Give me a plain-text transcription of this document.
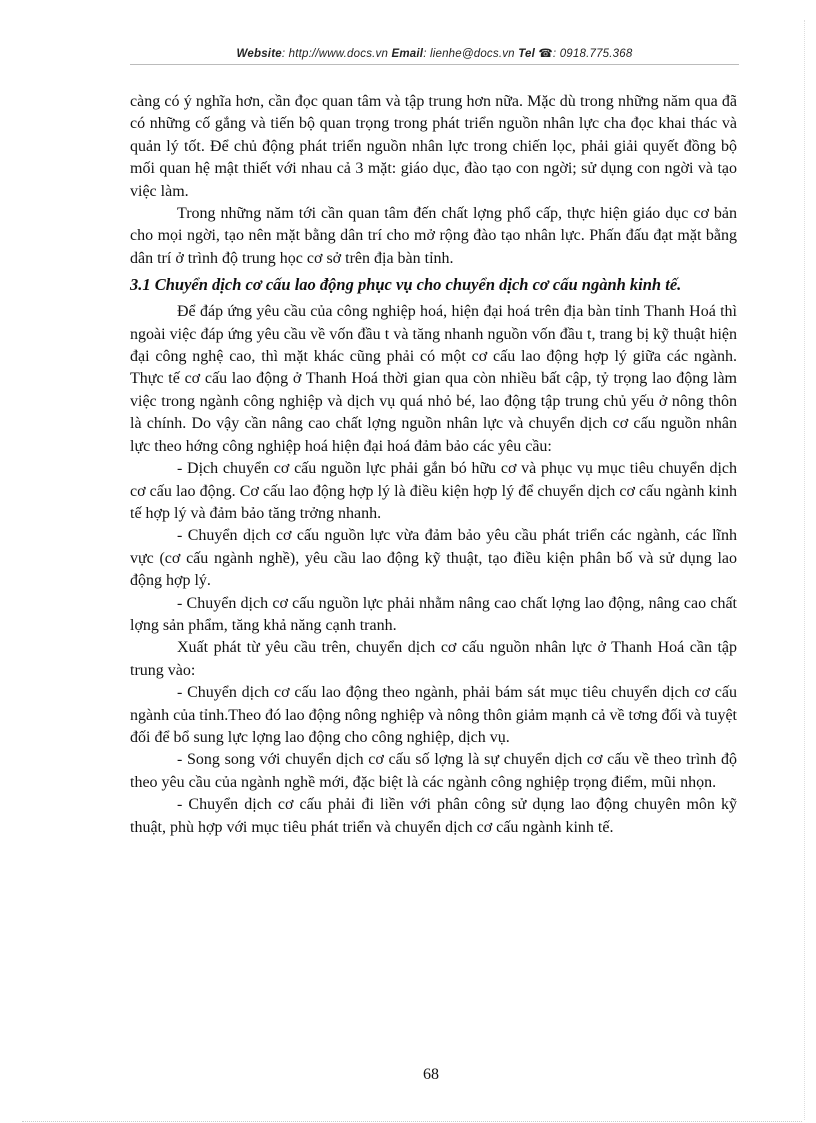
Website: http://www.docs.vn Email: lienhe@docs.vn Tel ☎: 0918.775.368

càng có ý nghĩa hơn, cần đọc quan tâm và tập trung hơn nữa. Mặc dù trong những năm qua đã có những cố gắng và tiến bộ quan trọng trong phát triển nguồn nhân lực cha đọc khai thác và quản lý tốt. Để chủ động phát triển nguồn nhân lực trong chiến lọc, phải giải quyết đồng bộ mối quan hệ mật thiết với nhau cả 3 mặt: giáo dục, đào tạo con ngời; sử dụng con ngời và tạo việc làm.

Trong những năm tới cần quan tâm đến chất lợng phổ cấp, thực hiện giáo dục cơ bản cho mọi ngời, tạo nên mặt bằng dân trí cho mở rộng đào tạo nhân lực. Phấn đấu đạt mặt bằng dân trí ở trình độ trung học cơ sở trên địa bàn tỉnh.

3.1 Chuyển dịch cơ cấu lao động phục vụ cho chuyển dịch cơ cấu ngành kinh tế.

Để đáp ứng yêu cầu của công nghiệp hoá, hiện đại hoá trên địa bàn tỉnh Thanh Hoá thì ngoài việc đáp ứng yêu cầu về vốn đầu t và tăng nhanh nguồn vốn đầu t, trang bị kỹ thuật hiện đại công nghệ cao, thì mặt khác cũng phải có một cơ cấu lao động hợp lý giữa các ngành. Thực tế cơ cấu lao động ở Thanh Hoá thời gian qua còn nhiều bất cập, tỷ trọng lao động làm việc trong ngành công nghiệp và dịch vụ quá nhỏ bé, lao động tập trung chủ yếu ở nông thôn là chính. Do vậy cần nâng cao chất lợng nguồn nhân lực và chuyển dịch cơ cấu nguồn nhân lực theo hớng công nghiệp hoá hiện đại hoá đảm bảo các yêu cầu:

- Dịch chuyển cơ cấu nguồn lực phải gắn bó hữu cơ và phục vụ mục tiêu chuyển dịch cơ cấu lao động. Cơ cấu lao động hợp lý là điều kiện hợp lý để chuyển dịch cơ cấu ngành kinh tế hợp lý và đảm bảo tăng trởng nhanh.

- Chuyển dịch cơ cấu nguồn lực vừa đảm bảo yêu cầu phát triển các ngành, các lĩnh vực (cơ cấu ngành nghề), yêu cầu lao động kỹ thuật, tạo điều kiện phân bố và sử dụng lao động hợp lý.

- Chuyển dịch cơ cấu nguồn lực phải nhằm nâng cao chất lợng lao động, nâng cao chất lợng sản phẩm, tăng khả năng cạnh tranh.

Xuất phát từ yêu cầu trên, chuyển dịch cơ cấu nguồn nhân lực ở Thanh Hoá cần tập trung vào:

- Chuyển dịch cơ cấu lao động theo ngành, phải bám sát mục tiêu chuyển dịch cơ cấu ngành của tỉnh.Theo đó lao động nông nghiệp và nông thôn giảm mạnh cả về tơng đối và tuyệt đối để bổ sung lực lợng lao động cho công nghiệp, dịch vụ.

- Song song với chuyển dịch cơ cấu số lợng là sự chuyển dịch cơ cấu về theo trình độ theo yêu cầu của ngành nghề mới, đặc biệt là các ngành công nghiệp trọng điểm, mũi nhọn.

- Chuyển dịch cơ cấu phải đi liền với phân công sử dụng lao động chuyên môn kỹ thuật, phù hợp với mục tiêu phát triển và chuyển dịch cơ cấu ngành kinh tế.

68
